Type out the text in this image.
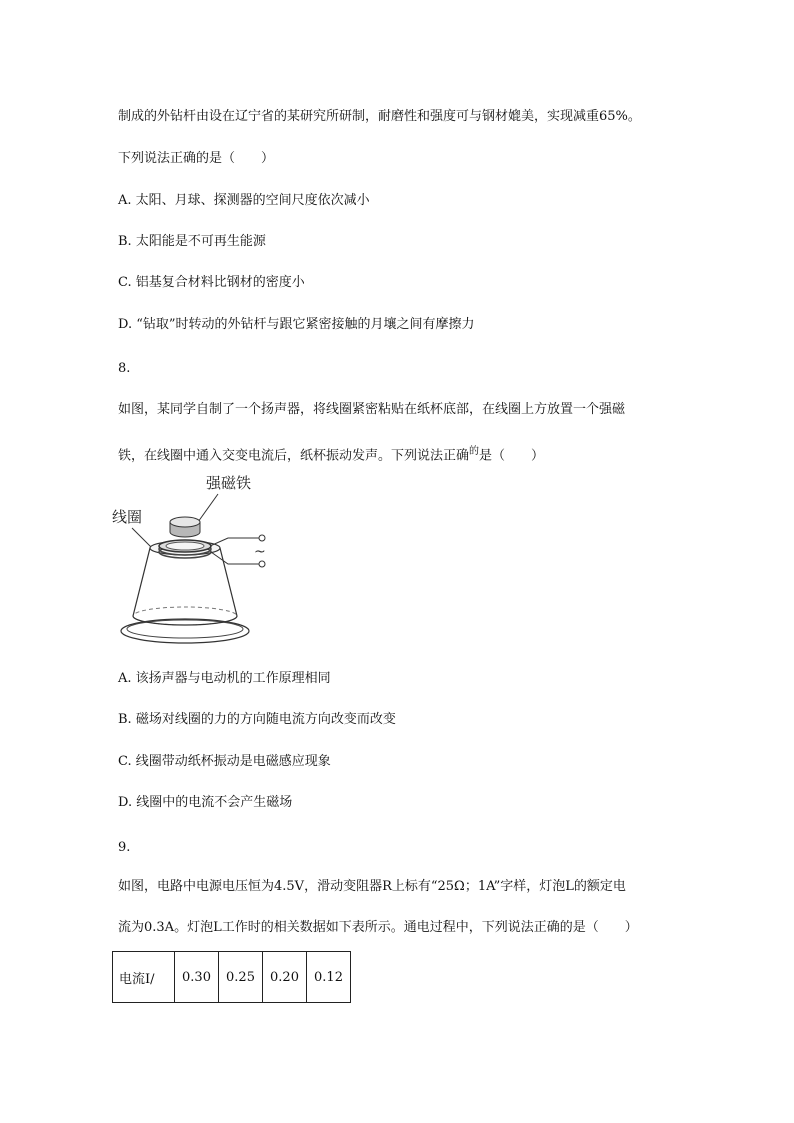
制成的外钻杆由设在辽宁省的某研究所研制，耐磨性和强度可与钢材媲美，实现减重65%。
下列说法正确的是（　　）
A. 太阳、月球、探测器的空间尺度依次减小
B. 太阳能是不可再生能源
C. 铝基复合材料比钢材的密度小
D. “钻取”时转动的外钻杆与跟它紧密接触的月壤之间有摩擦力
8.
如图，某同学自制了一个扬声器，将线圈紧密粘贴在纸杯底部，在线圈上方放置一个强磁
铁，在线圈中通入交变电流后，纸杯振动发声。下列说法正确$^的$是（　　）
强磁铁
线圈
~
A. 该扬声器与电动机的工作原理相同
B. 磁场对线圈的力的方向随电流方向改变而改变
C. 线圈带动纸杯振动是电磁感应现象
D. 线圈中的电流不会产生磁场
9.
如图，电路中电源电压恒为4.5V，滑动变阻器R上标有“25Ω；1A”字样，灯泡L的额定电
流为0.3A。灯泡L工作时的相关数据如下表所示。通电过程中，下列说法正确的是（　　）
电流I/	0.30	0.25	0.20	0.12
